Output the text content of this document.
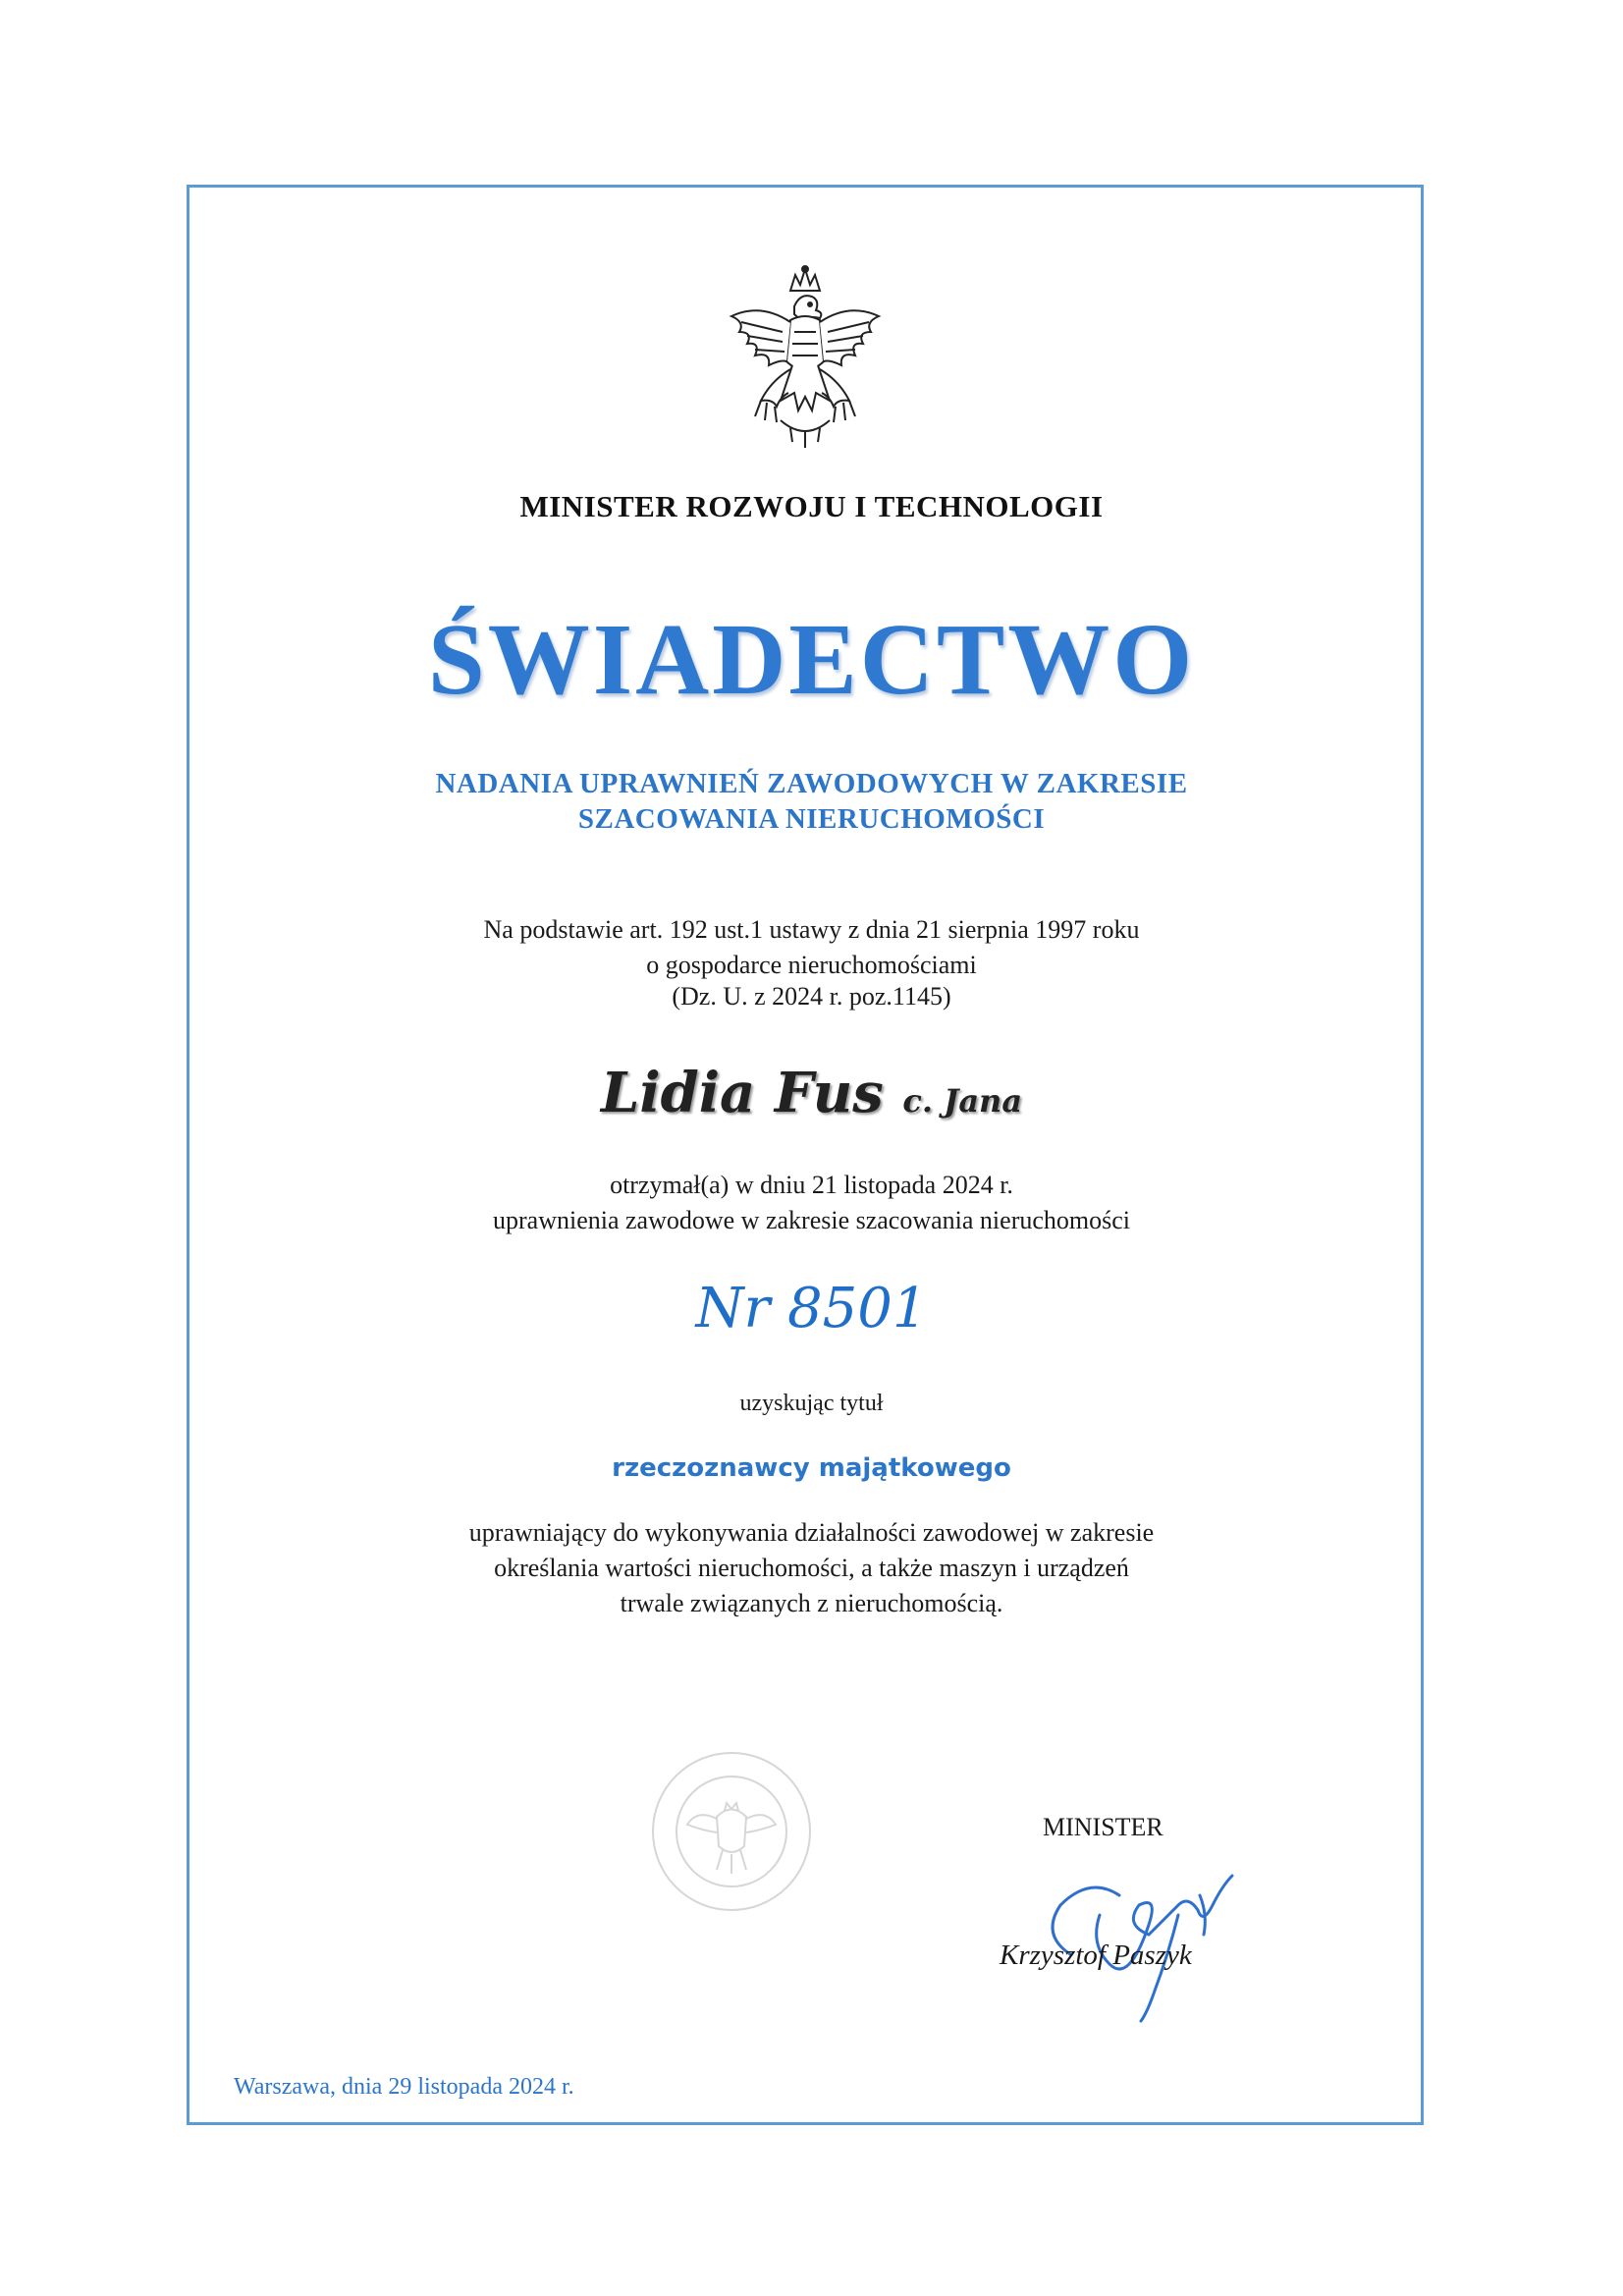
MINISTER ROZWOJU I TECHNOLOGII
ŚWIADECTWO
NADANIA UPRAWNIEŃ ZAWODOWYCH W ZAKRESIE
SZACOWANIA NIERUCHOMOŚCI
Na podstawie art. 192 ust.1 ustawy z dnia 21 sierpnia 1997 roku
o gospodarce nieruchomościami
(Dz. U. z 2024 r. poz.1145)
Lidia Fus c. Jana
otrzymał(a) w dniu 21 listopada 2024 r.
uprawnienia zawodowe w zakresie szacowania nieruchomości
Nr 8501
uzyskując tytuł
rzeczoznawcy majątkowego
uprawniający do wykonywania działalności zawodowej w zakresie
określania wartości nieruchomości, a także maszyn i urządzeń
trwale związanych z nieruchomością.
MINISTER
Krzysztof Paszyk
Warszawa, dnia 29 listopada 2024 r.
